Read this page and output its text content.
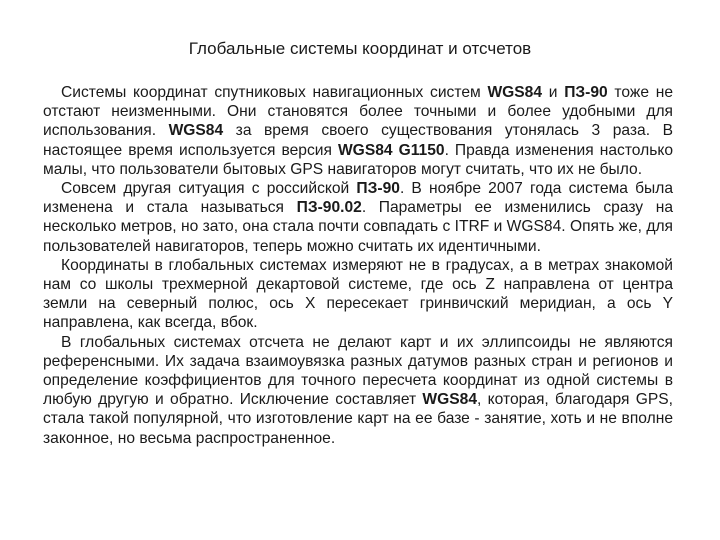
Глобальные системы координат и отсчетов

Системы координат спутниковых навигационных систем WGS84 и ПЗ-90 тоже не отстают неизменными. Они становятся более точными и более удобными для использования. WGS84 за время своего существования утонялась 3 раза. В настоящее время используется версия WGS84 G1150. Правда изменения настолько малы, что пользователи бытовых GPS навигаторов могут считать, что их не было.

Совсем другая ситуация с российской ПЗ-90. В ноябре 2007 года система была изменена и стала называться ПЗ-90.02. Параметры ее изменились сразу на несколько метров, но зато, она стала почти совпадать с ITRF и WGS84. Опять же, для пользователей навигаторов, теперь можно считать их идентичными.

Координаты в глобальных системах измеряют не в градусах, а в метрах знакомой нам со школы трехмерной декартовой системе, где ось Z направлена от центра земли на северный полюс, ось X пересекает гринвичский меридиан, а ось Y направлена, как всегда, вбок.

В глобальных системах отсчета не делают карт и их эллипсоиды не являются референсными. Их задача взаимоувязка разных датумов разных стран и регионов и определение коэффициентов для точного пересчета координат из одной системы в любую другую и обратно. Исключение составляет WGS84, которая, благодаря GPS, стала такой популярной, что изготовление карт на ее базе - занятие, хоть и не вполне законное, но весьма распространенное.
